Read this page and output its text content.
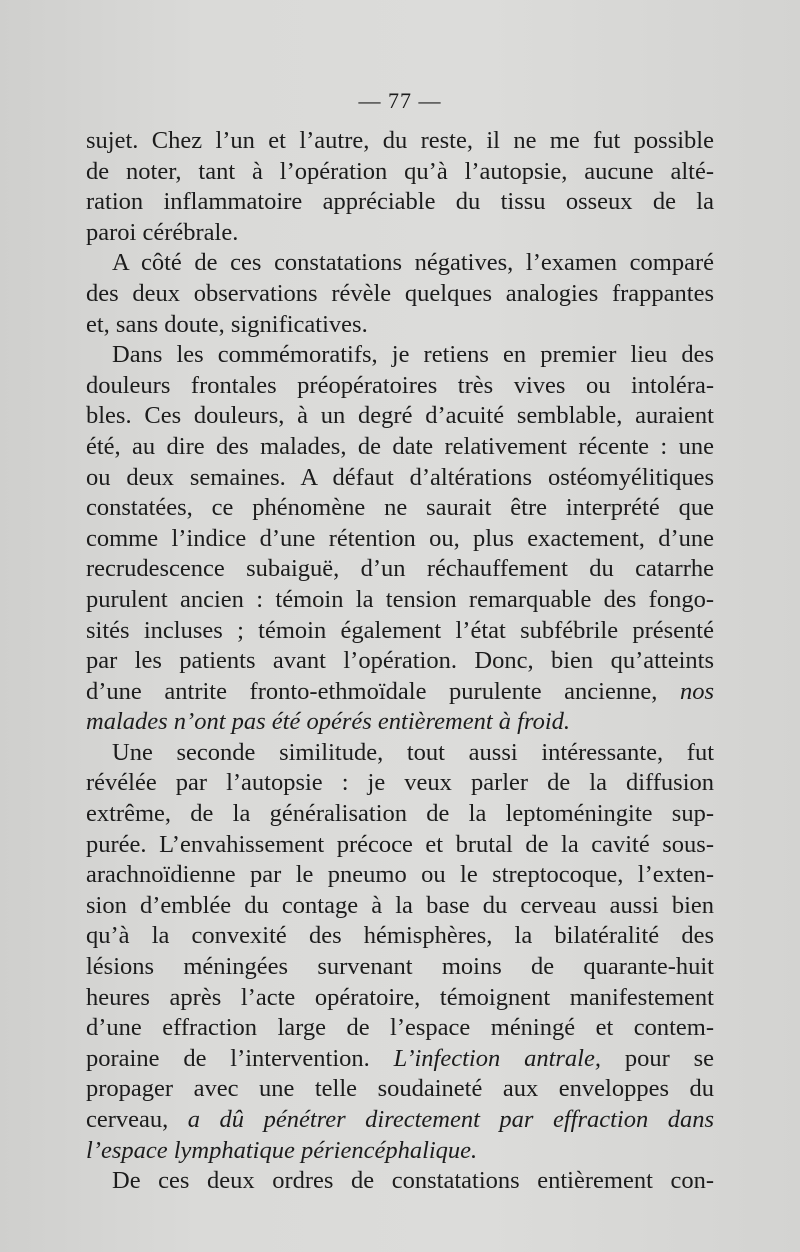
— 77 —
sujet. Chez l’un et l’autre, du reste, il ne me fut possible
de noter, tant à l’opération qu’à l’autopsie, aucune alté-
ration inflammatoire appréciable du tissu osseux de la
paroi cérébrale.
A côté de ces constatations négatives, l’examen comparé
des deux observations révèle quelques analogies frappantes
et, sans doute, significatives.
Dans les commémoratifs, je retiens en premier lieu des
douleurs frontales préopératoires très vives ou intolérа-
bles. Ces douleurs, à un degré d’acuité semblable, auraient
été, au dire des malades, de date relativement récente : une
ou deux semaines. A défaut d’altérations ostéomyélitiques
constatées, ce phénomène ne saurait être interprété que
comme l’indice d’une rétention ou, plus exactement, d’une
recrudescence subaiguë, d’un réchauffement du catarrhe
purulent ancien : témoin la tension remarquable des fongo-
sités incluses ; témoin également l’état subfébrile présenté
par les patients avant l’opération. Donc, bien qu’atteints
d’une antrite fronto-ethmoïdale purulente ancienne, nos
malades n’ont pas été opérés entièrement à froid.
Une seconde similitude, tout aussi intéressante, fut
révélée par l’autopsie : je veux parler de la diffusion
extrême, de la généralisation de la leptoméningite sup-
purée. L’envahissement précoce et brutal de la cavité sous-
arachnoïdienne par le pneumo ou le streptocoque, l’exten-
sion d’emblée du contage à la base du cerveau aussi bien
qu’à la convexité des hémisphères, la bilatéralité des
lésions méningées survenant moins de quarante-huit
heures après l’acte opératoire, témoignent manifestement
d’une effraction large de l’espace méningé et contem-
poraine de l’intervention. L’infection antrale, pour se
propager avec une telle soudaineté aux enveloppes du
cerveau, a dû pénétrer directement par effraction dans
l’espace lymphatique périencéphalique.
De ces deux ordres de constatations entièrement con-
